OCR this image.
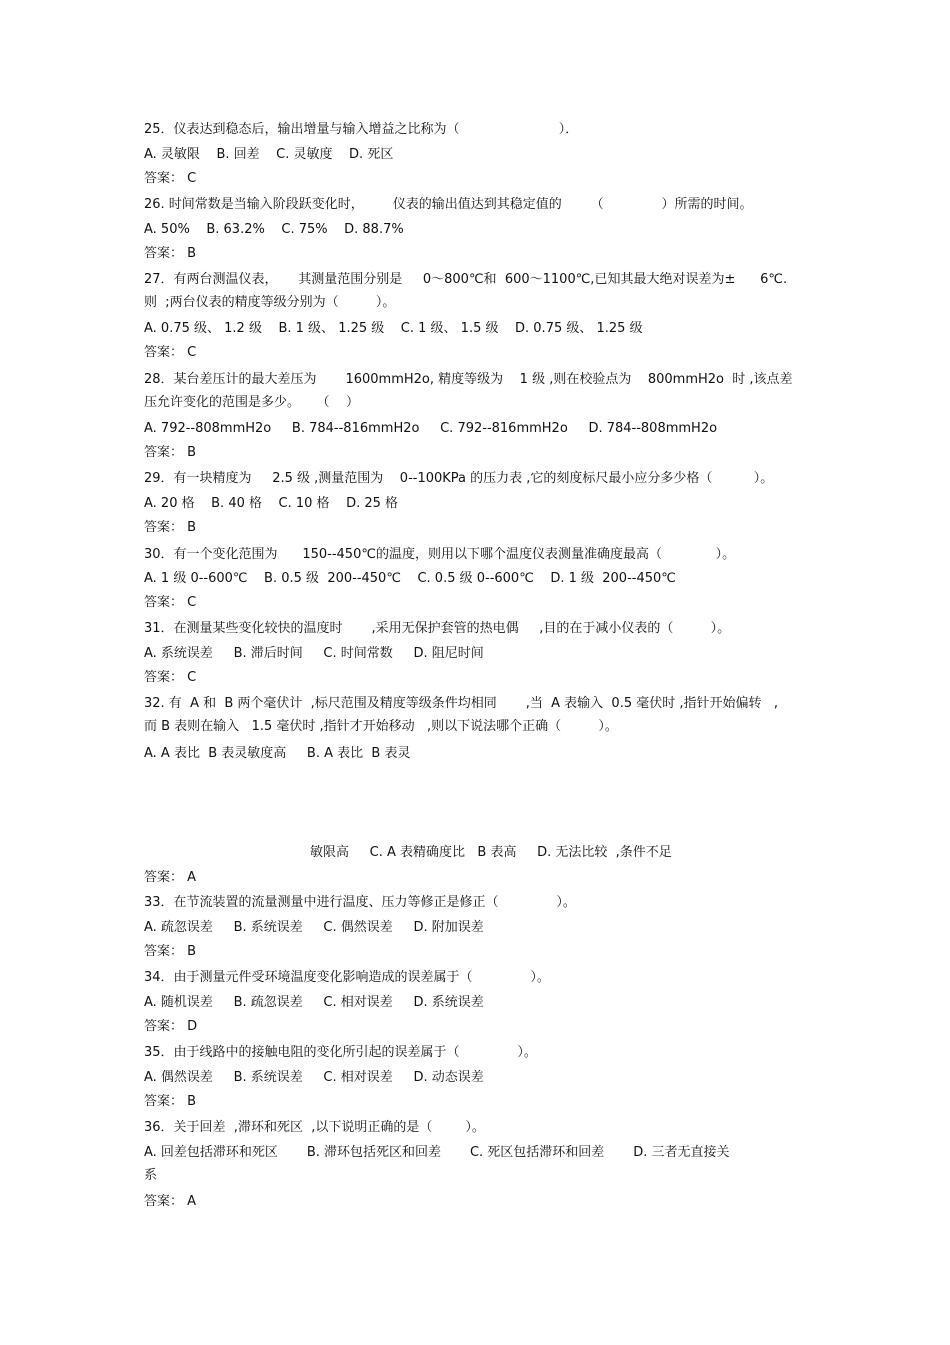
25．仪表达到稳态后，输出增量与输入增益之比称为（                        ）．
A. 灵敏限    B. 回差    C. 灵敏度    D. 死区
答案： C
26. 时间常数是当输入阶段跃变化时，       仪表的输出值达到其稳定值的       （              ）所需的时间。
A. 50%    B. 63.2%    C. 75%    D. 88.7%
答案： B
27．有两台测温仪表，     其测量范围分别是     0～800℃和  600～1100℃,已知其最大绝对误差为±      6℃.
则  ;两台仪表的精度等级分别为（         ）。
A. 0.75 级、 1.2 级    B. 1 级、 1.25 级    C. 1 级、 1.5 级    D. 0.75 级、 1.25 级
答案： C
28．某台差压计的最大差压为       1600mmH2o, 精度等级为    1 级 ,则在校验点为    800mmH2o  时 ,该点差
压允许变化的范围是多少。    （    ）
A. 792--808mmH2o     B. 784--816mmH2o     C. 792--816mmH2o     D. 784--808mmH2o
答案： B
29．有一块精度为     2.5 级 ,测量范围为    0--100KPa 的压力表 ,它的刻度标尺最小应分多少格（          ）。
A. 20 格    B. 40 格    C. 10 格    D. 25 格
答案： B
30．有一个变化范围为      150--450℃的温度，则用以下哪个温度仪表测量准确度最高（             ）。
A. 1 级 0--600℃    B. 0.5 级  200--450℃    C. 0.5 级 0--600℃    D. 1 级  200--450℃
答案： C
31．在测量某些变化较快的温度时       ,采用无保护套管的热电偶     ,目的在于减小仪表的（         ）。
A. 系统误差     B. 滞后时间     C. 时间常数     D. 阻尼时间
答案： C
32. 有  A 和  B 两个毫伏计  ,标尺范围及精度等级条件均相同       ,当  A 表输入  0.5 毫伏时 ,指针开始偏转   ,
而 B 表则在输入   1.5 毫伏时 ,指针才开始移动   ,则以下说法哪个正确（         ）。
A. A 表比  B 表灵敏度高     B. A 表比  B 表灵
敏限高     C. A 表精确度比   B 表高     D. 无法比较  ,条件不足
答案： A
33．在节流装置的流量测量中进行温度、压力等修正是修正（              ）。
A. 疏忽误差     B. 系统误差     C. 偶然误差     D. 附加误差
答案： B
34．由于测量元件受环境温度变化影响造成的误差属于（              ）。
A. 随机误差     B. 疏忽误差     C. 相对误差     D. 系统误差
答案： D
35．由于线路中的接触电阻的变化所引起的误差属于（              ）。
A. 偶然误差     B. 系统误差     C. 相对误差     D. 动态误差
答案： B
36．关于回差  ,滞环和死区  ,以下说明正确的是（        ）。
A. 回差包括滞环和死区       B. 滞环包括死区和回差       C. 死区包括滞环和回差       D. 三者无直接关
系
答案： A
